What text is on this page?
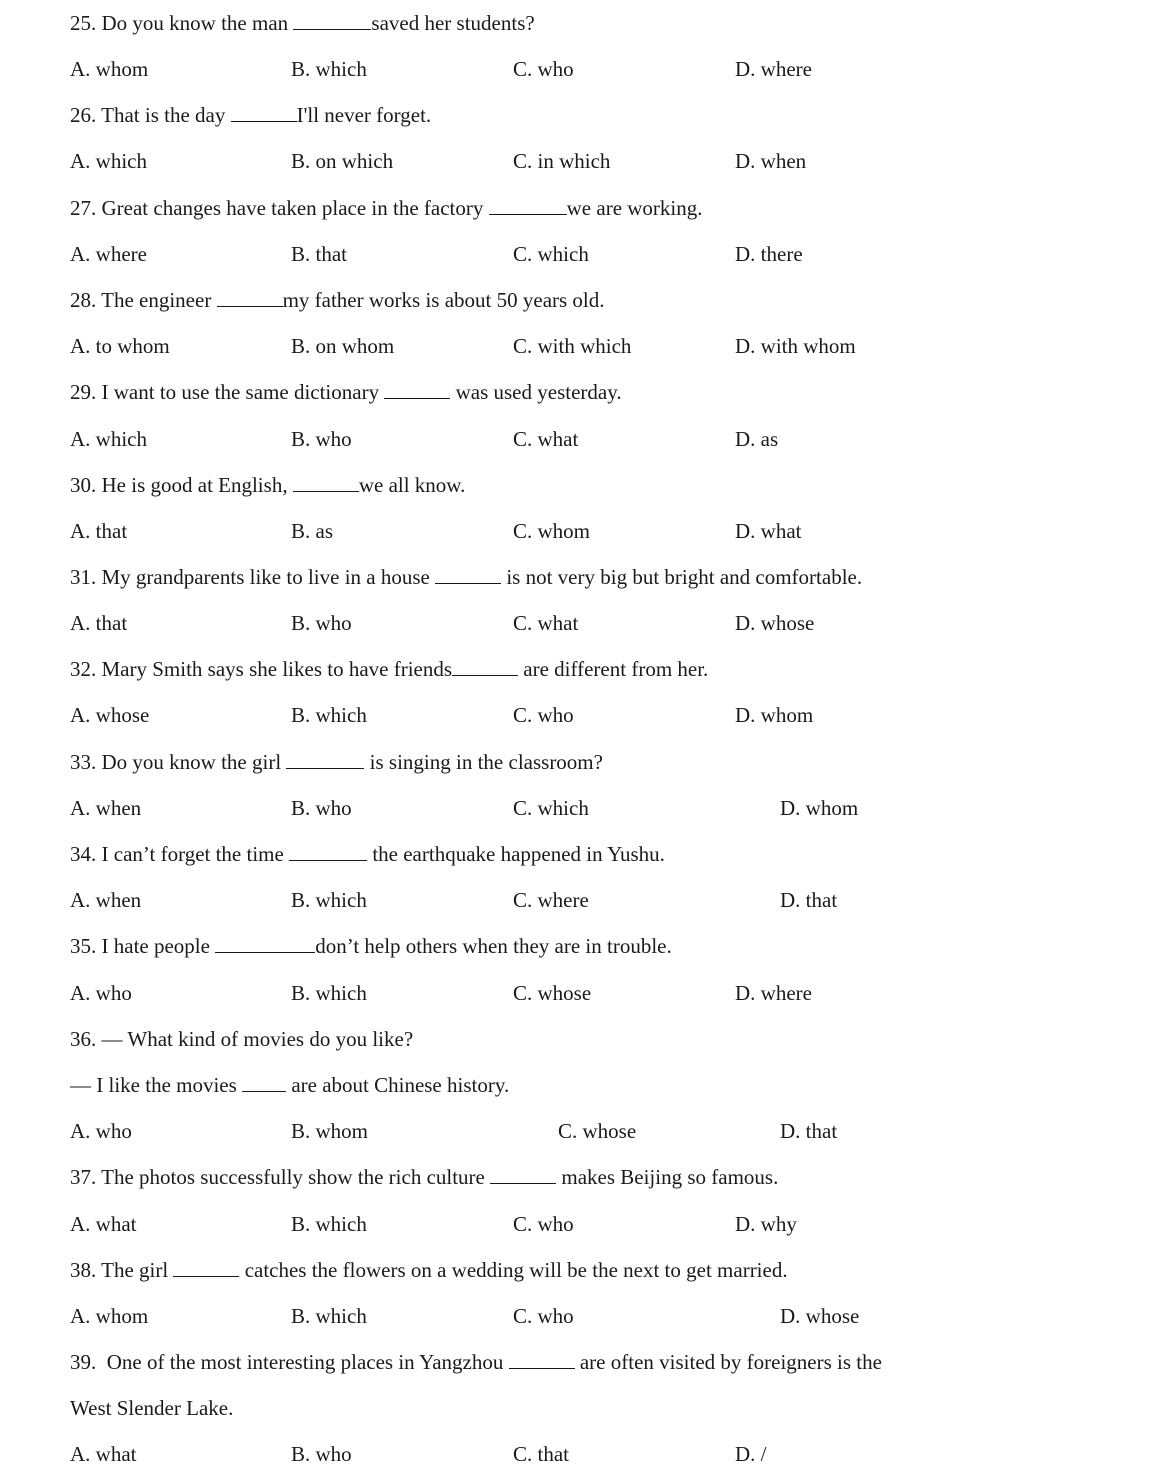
25. Do you know the man	saved her students?
A. whom	B. which	C. who	D. where
26. That is the day	I'll never forget.
A. which	B. on which	C. in which	D. when
27. Great changes have taken place in the factory	we are working.
A. where	B. that	C. which	D. there
28. The engineer	my father works is about 50 years old.
A. to whom	B. on whom	C. with which	D. with whom
29. I want to use the same dictionary	was used yesterday.
A. which	B. who	C. what	D. as
30. He is good at English,	we all know.
A. that	B. as	C. whom	D. what
31. My grandparents like to live in a house	is not very big but bright and comfortable.
A. that	B. who	C. what	D. whose
32. Mary Smith says she likes to have friends	are different from her.
A. whose	B. which	C. who	D. whom
33. Do you know the girl	is singing in the classroom?
A. when	B. who	C. which	D. whom
34. I can’t forget the time	the earthquake happened in Yushu.
A. when	B. which	C. where	D. that
35. I hate people	don’t help others when they are in trouble.
A. who	B. which	C. whose	D. where
36. — What kind of movies do you like?
— I like the movies  are about Chinese history.
A. who	B. whom	C. whose	D. that
37. The photos successfully show the rich culture	makes Beijing so famous.
A. what	B. which	C. who	D. why
38. The girl	catches the flowers on a wedding will be the next to get married.
A. whom	B. which	C. who	D. whose
39.  One of the most interesting places in Yangzhou	are often visited by foreigners is the
West Slender Lake.
A. what	B. who	C. that	D. /
